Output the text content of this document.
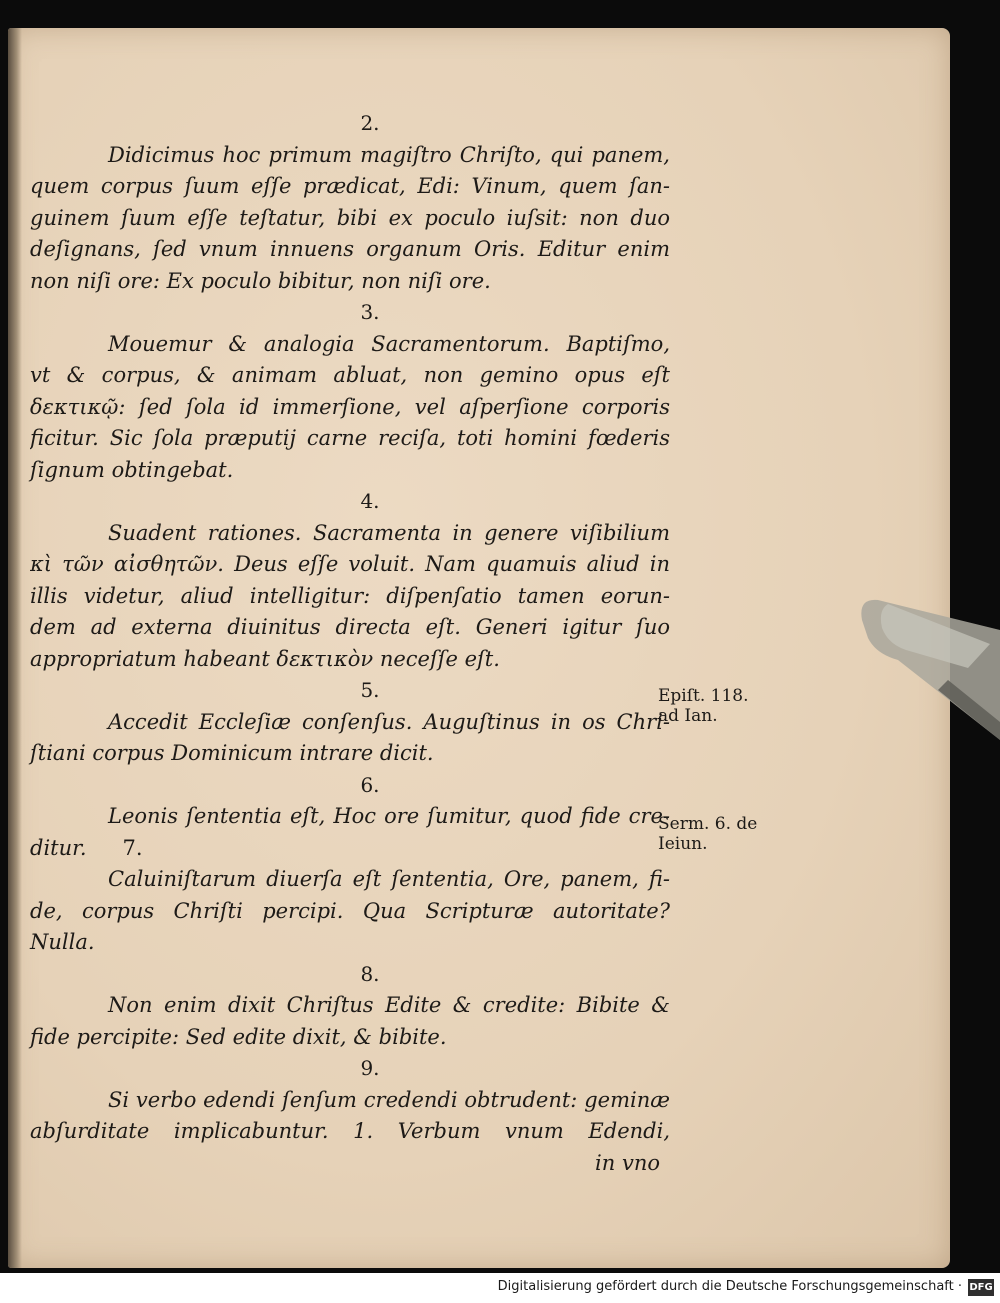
2.
Didicimus hoc primum magiſtro Chriſto, qui panem,
quem corpus ſuum eſſe prædicat, Edi: Vinum, quem ſan-
guinem ſuum eſſe teſtatur, bibi ex poculo iuſsit: non duo
deſignans, ſed vnum innuens organum Oris. Editur enim
non niſi ore: Ex poculo bibitur, non niſi ore.
3.
Mouemur & analogia Sacramentorum. Baptiſmo,
vt & corpus, & animam abluat, non gemino opus eſt
δεκτικῷ: ſed ſola id immerſione, vel aſperſione corporis
ficitur. Sic ſola præputij carne reciſa, toti homini fœderis
ſignum obtingebat.
4.
Suadent rationes. Sacramenta in genere viſibilium
κὶ τῶν αἰσθητῶν. Deus eſſe voluit. Nam quamuis aliud in
illis videtur, aliud intelligitur: diſpenſatio tamen eorun-
dem ad externa diuinitus directa eſt. Generi igitur ſuo
appropriatum habeant δεκτικὸν neceſſe eſt.
5.
Accedit Eccleſiæ conſenſus. Auguſtinus in os Chri-
ſtiani corpus Dominicum intrare dicit.
6.
Leonis ſententia eſt, Hoc ore ſumitur, quod fide cre-
ditur. 7.
Caluiniſtarum diuerſa eſt ſententia, Ore, panem, fi-
de, corpus Chriſti percipi. Qua Scripturæ autoritate?
Nulla.
8.
Non enim dixit Chriſtus Edite & credite: Bibite &
fide percipite: Sed edite dixit, & bibite.
9.
Si verbo edendi ſenſum credendi obtrudent: geminæ
abſurditate implicabuntur. 1. Verbum vnum Edendi,
in vno
Epiſt. 118. ad Ian.
Serm. 6. de Ieiun.
Digitalisierung gefördert durch die Deutsche Forschungsgemeinschaft · DFG
